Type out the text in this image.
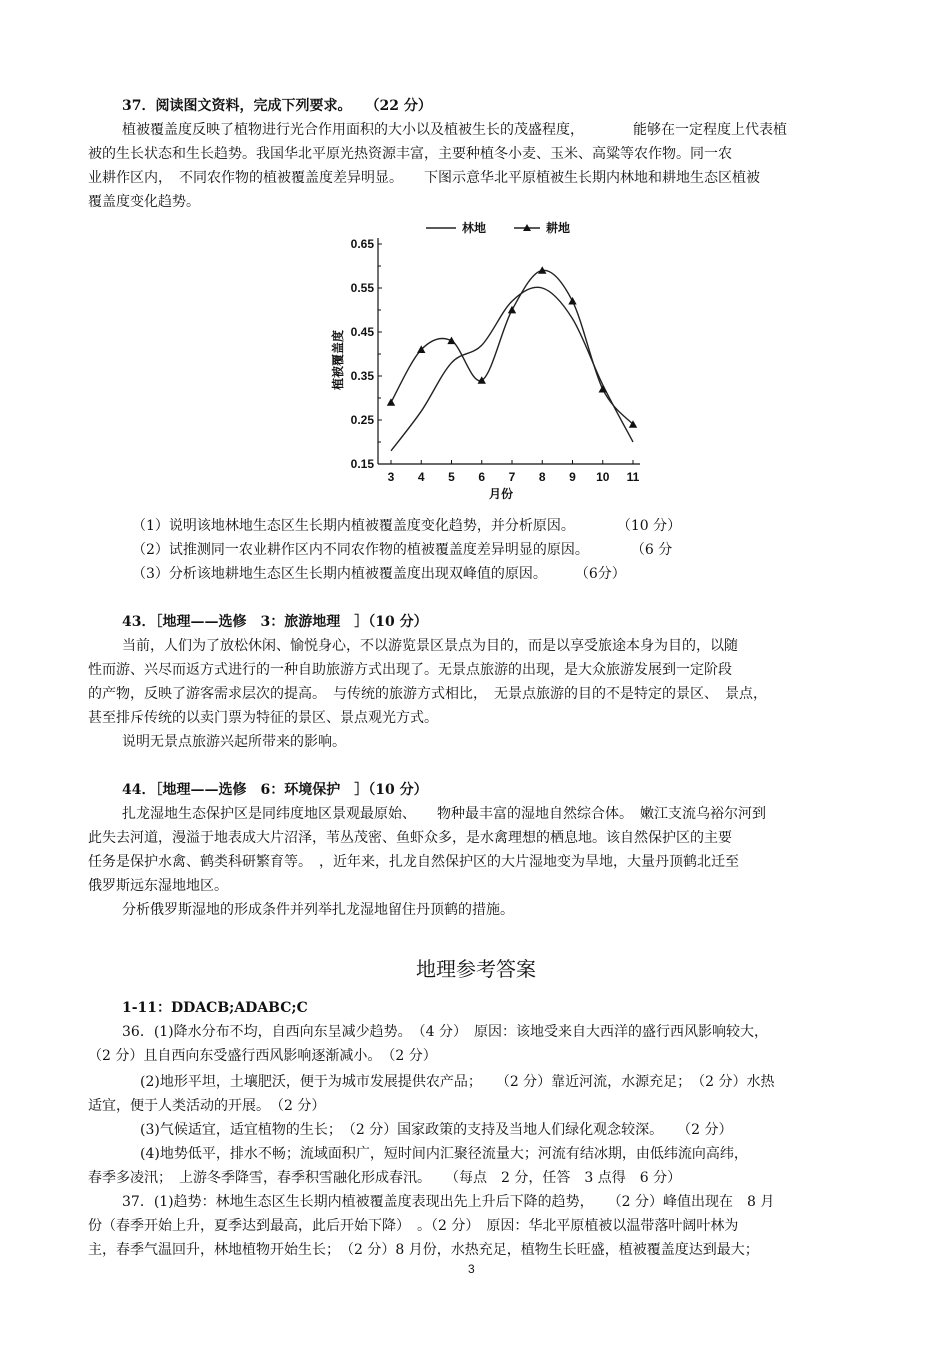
37．阅读图文资料，完成下列要求。　　（22 分）
植被覆盖度反映了植物进行光合作用面积的大小以及植被生长的茂盛程度，　　　　能够在一定程度上代表植
被的生长状态和生长趋势。我国华北平原光热资源丰富，主要种植冬小麦、玉米、高粱等农作物。同一农
业耕作区内，　不同农作物的植被覆盖度差异明显。　　下图示意华北平原植被生长期内林地和耕地生态区植被
覆盖度变化趋势。
林地	耕地
0.65
0.55
0.45
0.35
0.25
0.15
3 4 5 6 7 8 9 10 11
月份
植被覆盖度
（1）说明该地林地生态区生长期内植被覆盖度变化趋势，并分析原因。　　　　（10 分）
（2）试推测同一农业耕作区内不同农作物的植被覆盖度差异明显的原因。　　　　（6 分
（3）分析该地耕地生态区生长期内植被覆盖度出现双峰值的原因。　　　（6分）
43．［地理——选修　3：旅游地理　］（10 分）
当前，人们为了放松休闲、愉悦身心，不以游览景区景点为目的，而是以享受旅途本身为目的，以随
性而游、兴尽而返方式进行的一种自助旅游方式出现了。无景点旅游的出现，是大众旅游发展到一定阶段
的产物，反映了游客需求层次的提高。　与传统的旅游方式相比，　无景点旅游的目的不是特定的景区、　景点，
甚至排斥传统的以卖门票为特征的景区、景点观光方式。
说明无景点旅游兴起所带来的影响。
44．［地理——选修　6：环境保护　］（10 分）
扎龙湿地生态保护区是同纬度地区景观最原始、　　物种最丰富的湿地自然综合体。　嫩江支流乌裕尔河到
此失去河道，漫溢于地表成大片沼泽，苇丛茂密、鱼虾众多，是水禽理想的栖息地。该自然保护区的主要
任务是保护水禽、鹤类科研繁育等。　，近年来，扎龙自然保护区的大片湿地变为旱地，大量丹顶鹤北迁至
俄罗斯远东湿地地区。
分析俄罗斯湿地的形成条件并列举扎龙湿地留住丹顶鹤的措施。
地理参考答案
1-11：DDACB;ADABC;C
36．(1)降水分布不均，自西向东呈减少趋势。　（4 分）　原因：该地受来自大西洋的盛行西风影响较大，
（2 分）且自西向东受盛行西风影响逐渐减小。　（2 分）
(2)地形平坦，土壤肥沃，便于为城市发展提供农产品；　　（2 分）靠近河流，水源充足；　（2 分）水热
适宜，便于人类活动的开展。　（2 分）
(3)气候适宜，适宜植物的生长；　（2 分）国家政策的支持及当地人们绿化观念较深。　　（2 分）
(4)地势低平，排水不畅；流域面积广，短时间内汇聚径流量大；河流有结冰期，由低纬流向高纬，
春季多凌汛；　上游冬季降雪，春季积雪融化形成春汛。　　（每点　2 分，任答　3 点得　6 分）
37．(1)趋势：林地生态区生长期内植被覆盖度表现出先上升后下降的趋势，　　（2 分）峰值出现在　8 月
份（春季开始上升，夏季达到最高，此后开始下降）　。（2 分）　原因：华北平原植被以温带落叶阔叶林为
主，春季气温回升，林地植物开始生长；　（2 分）8 月份，水热充足，植物生长旺盛，植被覆盖度达到最大；
3
